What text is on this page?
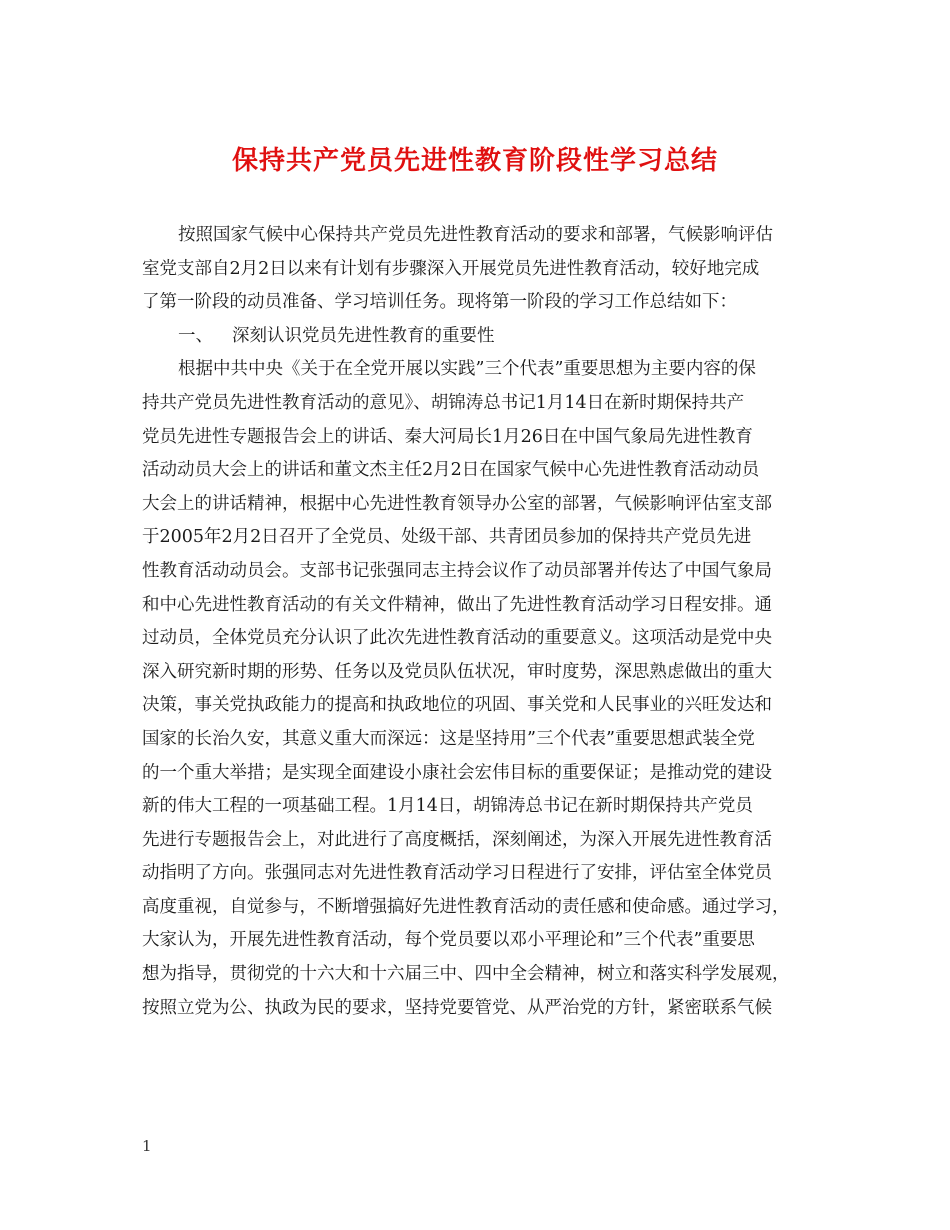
保持共产党员先进性教育阶段性学习总结
按照国家气候中心保持共产党员先进性教育活动的要求和部署，气候影响评估
室党支部自2月2日以来有计划有步骤深入开展党员先进性教育活动，较好地完成
了第一阶段的动员准备、学习培训任务。现将第一阶段的学习工作总结如下：
一、 深刻认识党员先进性教育的重要性
根据中共中央《关于在全党开展以实践”三个代表”重要思想为主要内容的保
持共产党员先进性教育活动的意见》、胡锦涛总书记1月14日在新时期保持共产
党员先进性专题报告会上的讲话、秦大河局长1月26日在中国气象局先进性教育
活动动员大会上的讲话和董文杰主任2月2日在国家气候中心先进性教育活动动员
大会上的讲话精神，根据中心先进性教育领导办公室的部署，气候影响评估室支部
于2005年2月2日召开了全党员、处级干部、共青团员参加的保持共产党员先进
性教育活动动员会。支部书记张强同志主持会议作了动员部署并传达了中国气象局
和中心先进性教育活动的有关文件精神，做出了先进性教育活动学习日程安排。通
过动员，全体党员充分认识了此次先进性教育活动的重要意义。这项活动是党中央
深入研究新时期的形势、任务以及党员队伍状况，审时度势，深思熟虑做出的重大
决策，事关党执政能力的提高和执政地位的巩固、事关党和人民事业的兴旺发达和
国家的长治久安，其意义重大而深远：这是坚持用”三个代表”重要思想武装全党
的一个重大举措；是实现全面建设小康社会宏伟目标的重要保证；是推动党的建设
新的伟大工程的一项基础工程。1月14日，胡锦涛总书记在新时期保持共产党员
先进行专题报告会上，对此进行了高度概括，深刻阐述，为深入开展先进性教育活
动指明了方向。张强同志对先进性教育活动学习日程进行了安排，评估室全体党员
高度重视，自觉参与，不断增强搞好先进性教育活动的责任感和使命感。通过学习，
大家认为，开展先进性教育活动，每个党员要以邓小平理论和”三个代表”重要思
想为指导，贯彻党的十六大和十六届三中、四中全会精神，树立和落实科学发展观，
按照立党为公、执政为民的要求，坚持党要管党、从严治党的方针，紧密联系气候
1
